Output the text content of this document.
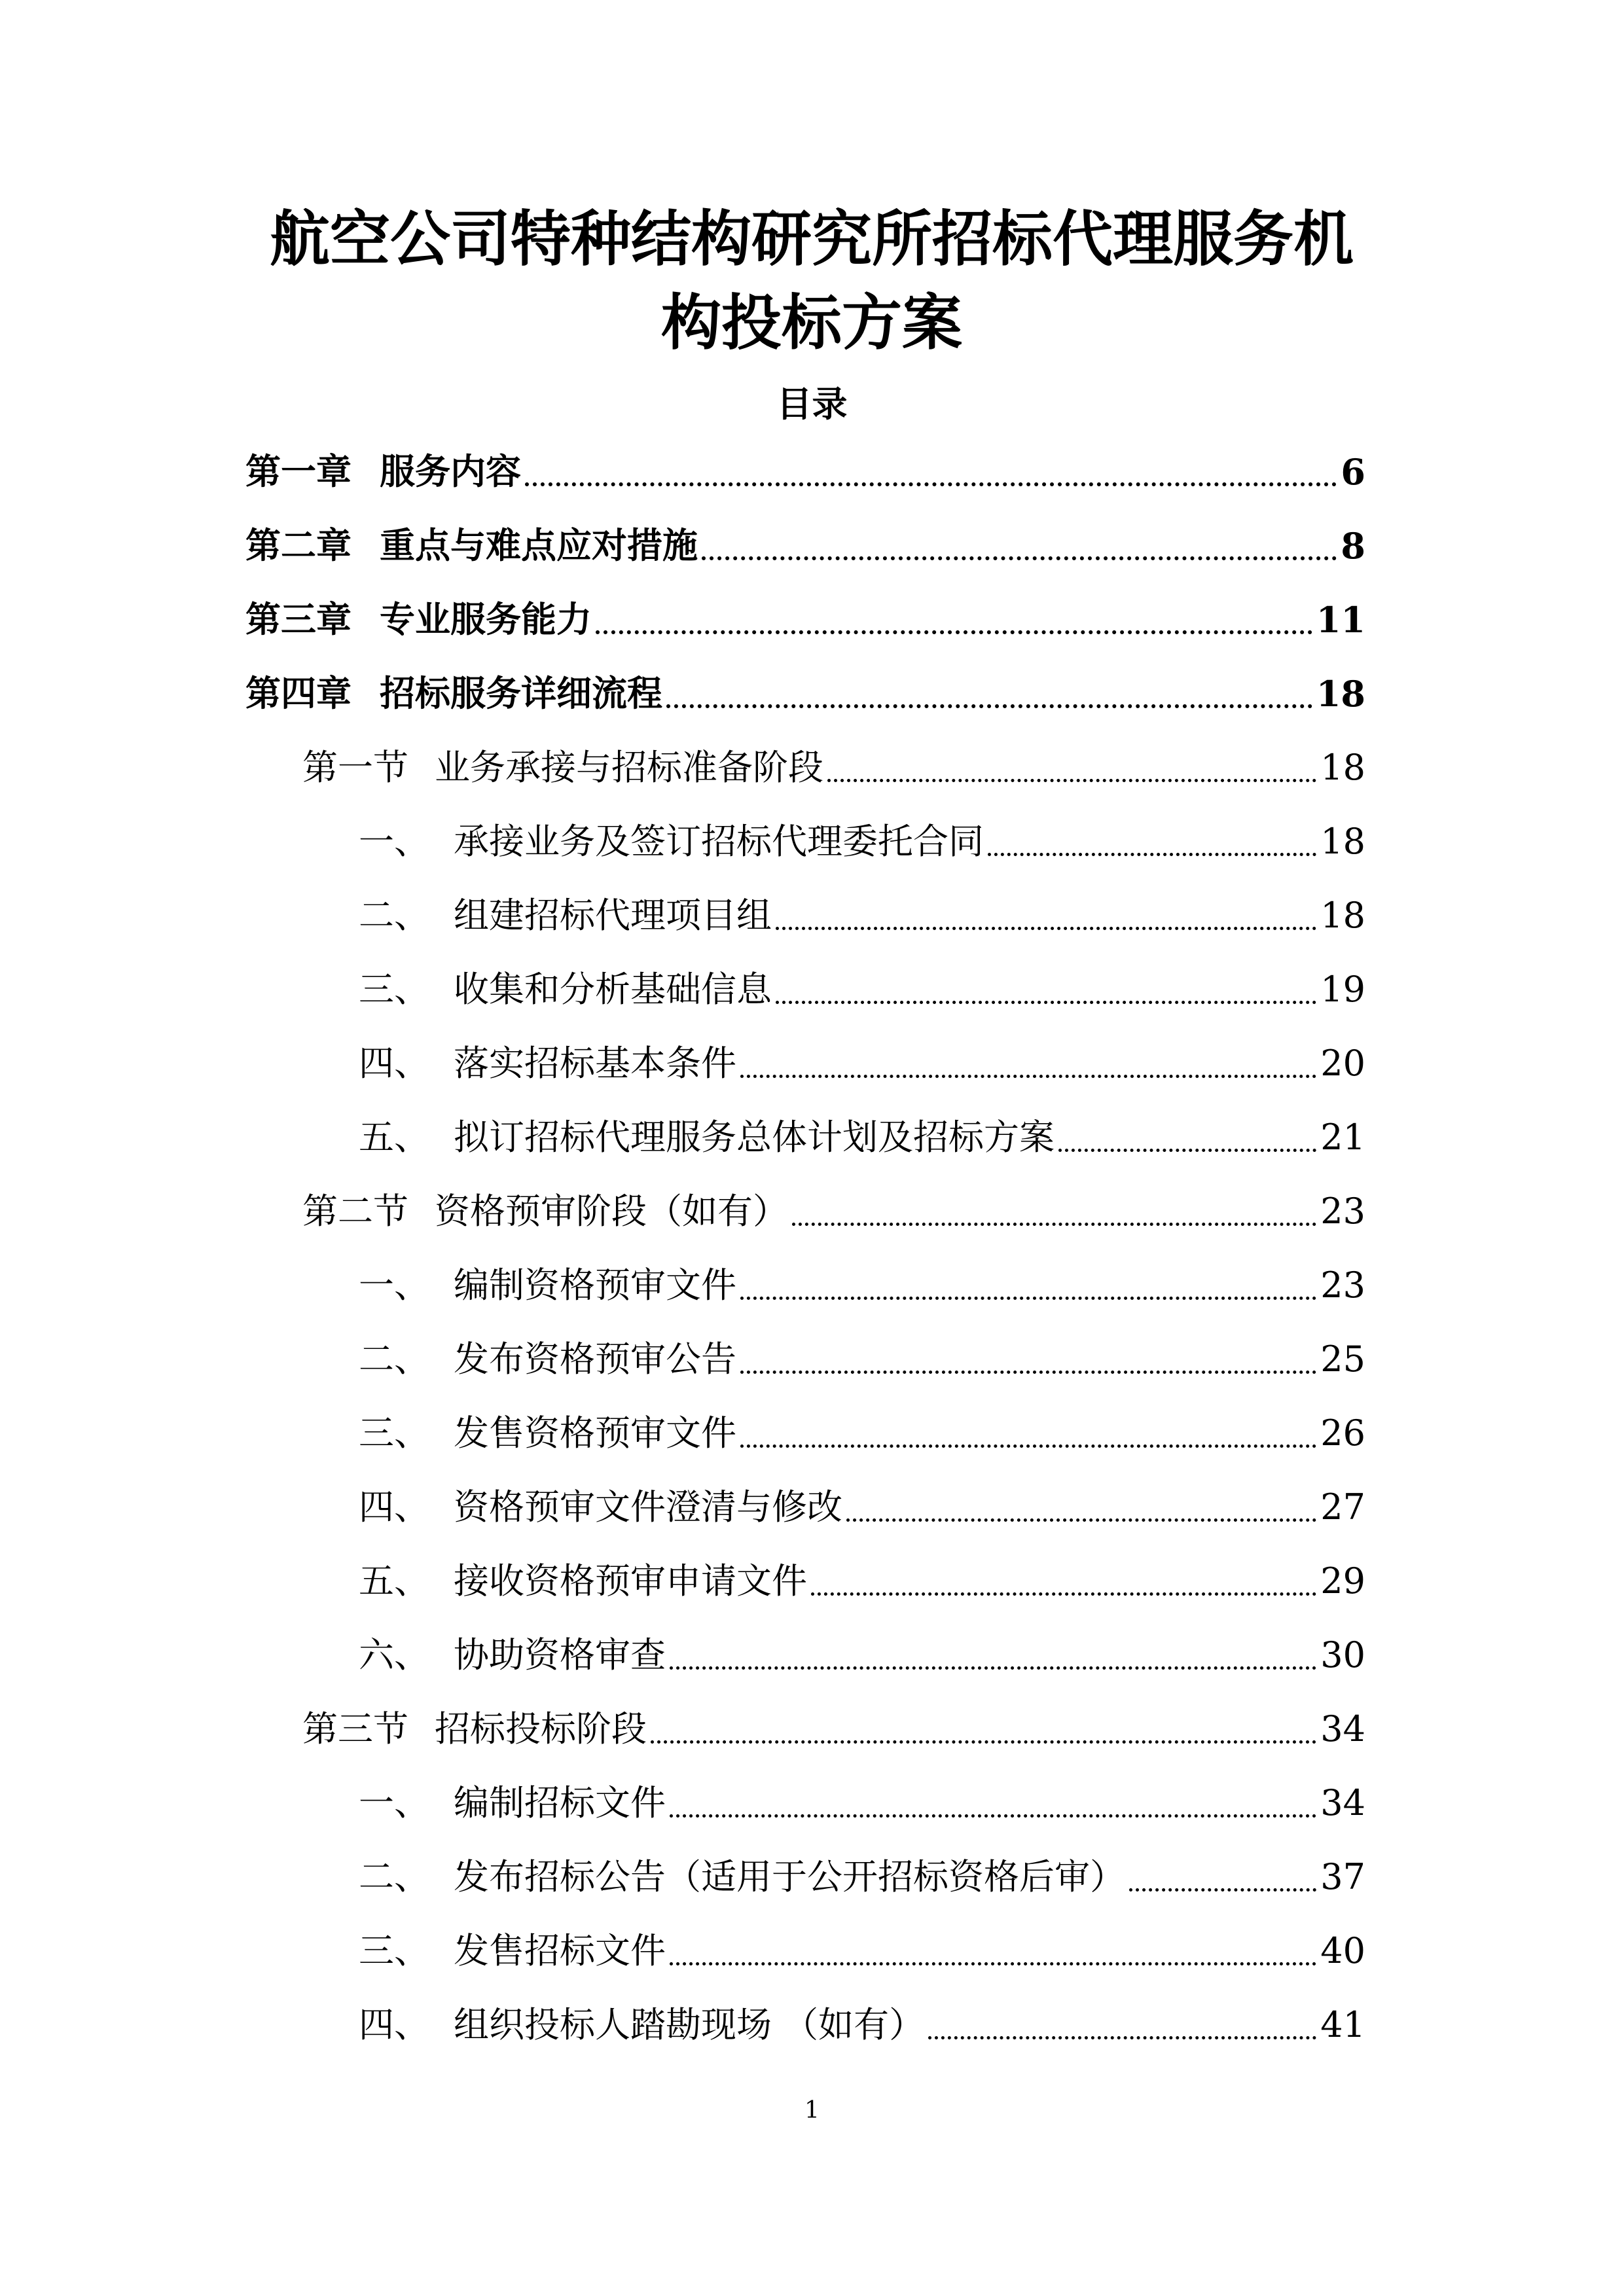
航空公司特种结构研究所招标代理服务机
构投标方案
目录
第一章 服务内容	6
第二章 重点与难点应对措施	8
第三章 专业服务能力	11
第四章 招标服务详细流程	18
第一节 业务承接与招标准备阶段	18
一、 承接业务及签订招标代理委托合同	18
二、 组建招标代理项目组	18
三、 收集和分析基础信息	19
四、 落实招标基本条件	20
五、 拟订招标代理服务总体计划及招标方案	21
第二节 资格预审阶段（如有）	23
一、 编制资格预审文件	23
二、 发布资格预审公告	25
三、 发售资格预审文件	26
四、 资格预审文件澄清与修改	27
五、 接收资格预审申请文件	29
六、 协助资格审查	30
第三节 招标投标阶段	34
一、 编制招标文件	34
二、 发布招标公告（适用于公开招标资格后审）	37
三、 发售招标文件	40
四、 组织投标人踏勘现场 （如有）	41
1
